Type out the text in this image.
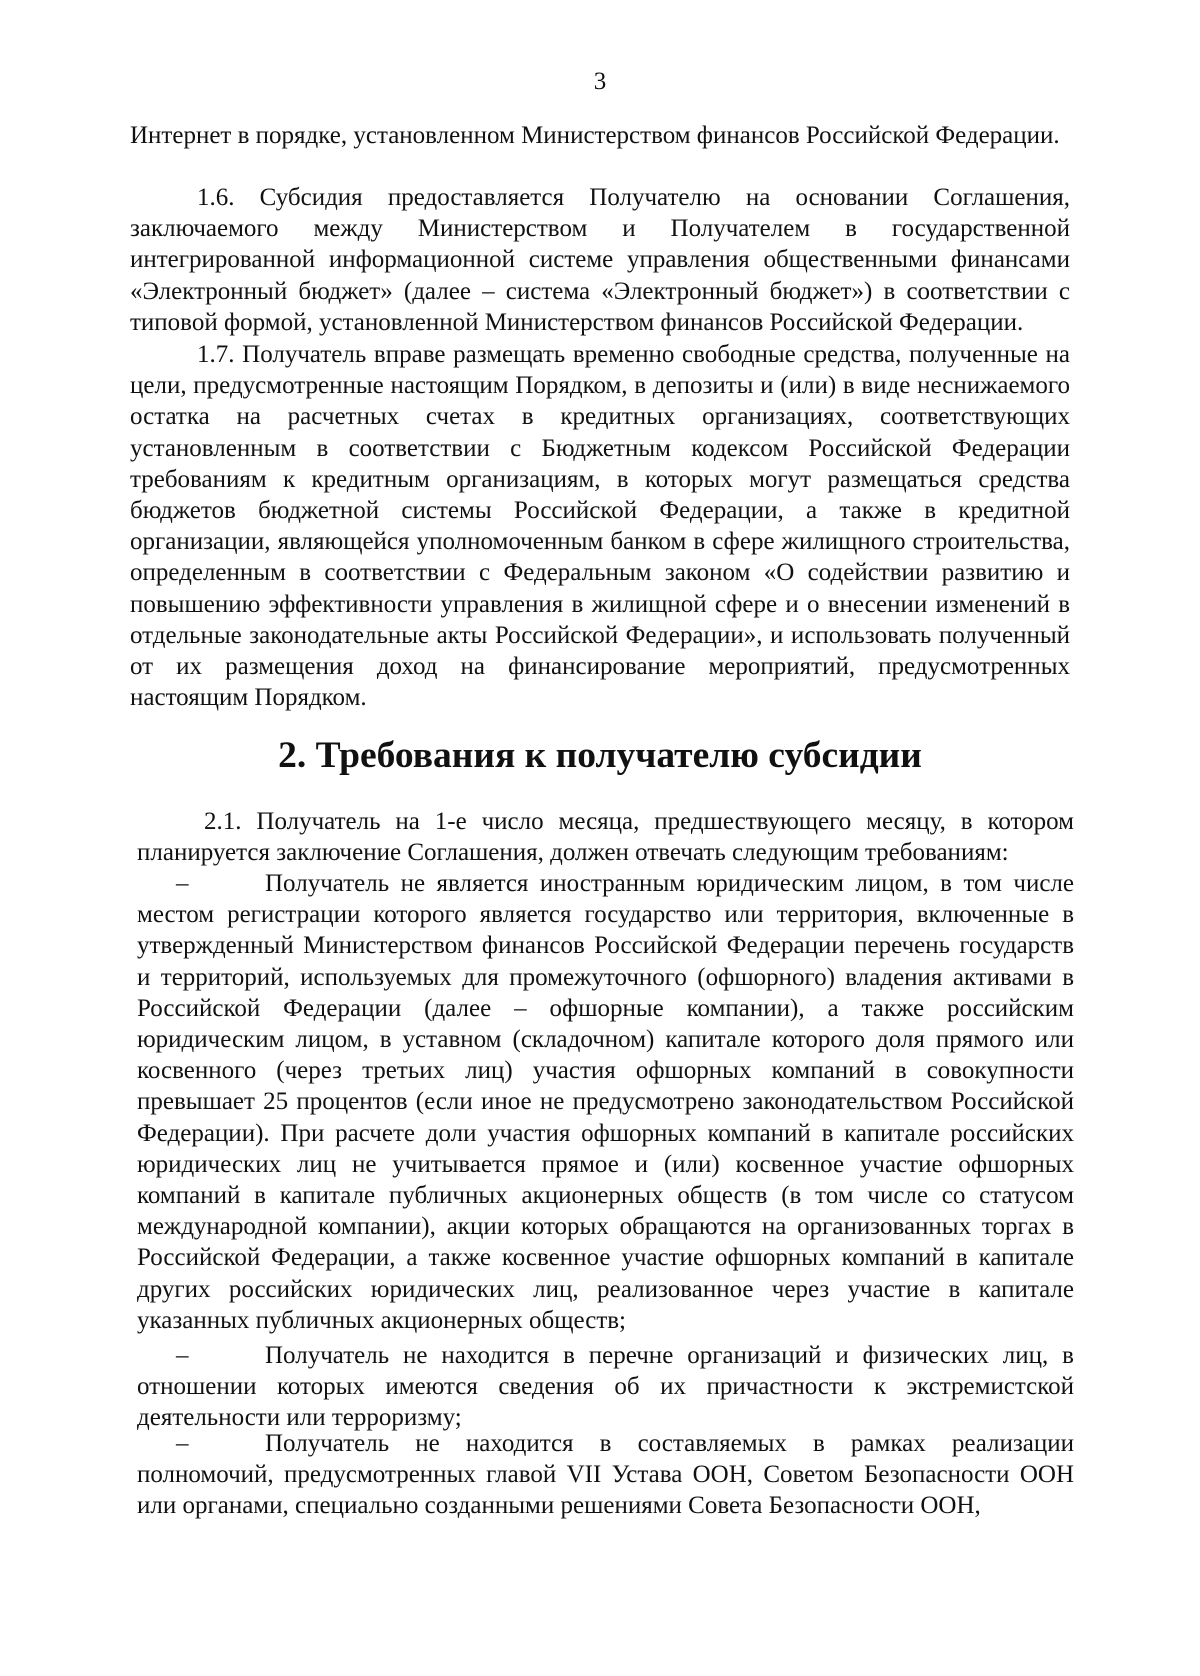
3

Интернет в порядке, установленном Министерством финансов Российской Федерации.

1.6. Субсидия предоставляется Получателю на основании Соглашения, заключаемого между Министерством и Получателем в государственной интегрированной информационной системе управления общественными финансами «Электронный бюджет» (далее – система «Электронный бюджет») в соответствии с типовой формой, установленной Министерством финансов Российской Федерации.

1.7. Получатель вправе размещать временно свободные средства, полученные на цели, предусмотренные настоящим Порядком, в депозиты и (или) в виде неснижаемого остатка на расчетных счетах в кредитных организациях, соответствующих установленным в соответствии с Бюджетным кодексом Российской Федерации требованиям к кредитным организациям, в которых могут размещаться средства бюджетов бюджетной системы Российской Федерации, а также в кредитной организации, являющейся уполномоченным банком в сфере жилищного строительства, определенным в соответствии с Федеральным законом «О содействии развитию и повышению эффективности управления в жилищной сфере и о внесении изменений в отдельные законодательные акты Российской Федерации», и использовать полученный от их размещения доход на финансирование мероприятий, предусмотренных настоящим Порядком.

2. Требования к получателю субсидии

2.1. Получатель на 1-е число месяца, предшествующего месяцу, в котором планируется заключение Соглашения, должен отвечать следующим требованиям:

–	Получатель не является иностранным юридическим лицом, в том числе местом регистрации которого является государство или территория, включенные в утвержденный Министерством финансов Российской Федерации перечень государств и территорий, используемых для промежуточного (офшорного) владения активами в Российской Федерации (далее – офшорные компании), а также российским юридическим лицом, в уставном (складочном) капитале которого доля прямого или косвенного (через третьих лиц) участия офшорных компаний в совокупности превышает 25 процентов (если иное не предусмотрено законодательством Российской Федерации). При расчете доли участия офшорных компаний в капитале российских юридических лиц не учитывается прямое и (или) косвенное участие офшорных компаний в капитале публичных акционерных обществ (в том числе со статусом международной компании), акции которых обращаются на организованных торгах в Российской Федерации, а также косвенное участие офшорных компаний в капитале других российских юридических лиц, реализованное через участие в капитале указанных публичных акционерных обществ;

–	Получатель не находится в перечне организаций и физических лиц, в отношении которых имеются сведения об их причастности к экстремистской деятельности или терроризму;

–	Получатель не находится в составляемых в рамках реализации полномочий, предусмотренных главой VII Устава ООН, Советом Безопасности ООН или органами, специально созданными решениями Совета Безопасности ООН,
